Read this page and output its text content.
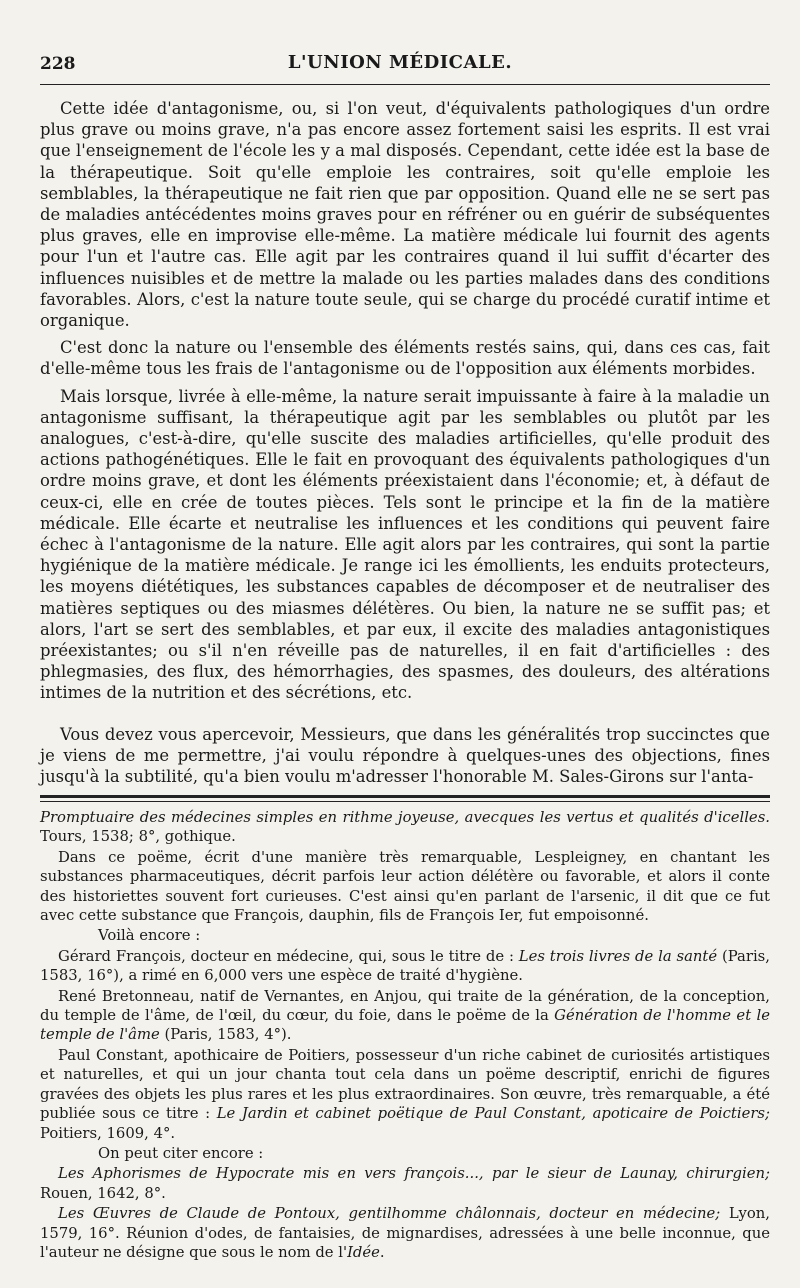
228	L'UNION MÉDICALE.

Cette idée d'antagonisme, ou, si l'on veut, d'équivalents pathologiques d'un ordre plus grave ou moins grave, n'a pas encore assez fortement saisi les esprits. Il est vrai que l'enseignement de l'école les y a mal disposés. Cependant, cette idée est la base de la thérapeutique. Soit qu'elle emploie les contraires, soit qu'elle emploie les semblables, la thérapeutique ne fait rien que par opposition. Quand elle ne se sert pas de maladies antécédentes moins graves pour en réfréner ou en guérir de subséquentes plus graves, elle en improvise elle-même. La matière médicale lui fournit des agents pour l'un et l'autre cas. Elle agit par les contraires quand il lui suffit d'écarter des influences nuisibles et de mettre la malade ou les parties malades dans des conditions favorables. Alors, c'est la nature toute seule, qui se charge du procédé curatif intime et organique.

C'est donc la nature ou l'ensemble des éléments restés sains, qui, dans ces cas, fait d'elle-même tous les frais de l'antagonisme ou de l'opposition aux éléments morbides.

Mais lorsque, livrée à elle-même, la nature serait impuissante à faire à la maladie un antagonisme suffisant, la thérapeutique agit par les semblables ou plutôt par les analogues, c'est-à-dire, qu'elle suscite des maladies artificielles, qu'elle produit des actions pathogénétiques. Elle le fait en provoquant des équivalents pathologiques d'un ordre moins grave, et dont les éléments préexistaient dans l'économie; et, à défaut de ceux-ci, elle en crée de toutes pièces. Tels sont le principe et la fin de la matière médicale. Elle écarte et neutralise les influences et les conditions qui peuvent faire échec à l'antagonisme de la nature. Elle agit alors par les contraires, qui sont la partie hygiénique de la matière médicale. Je range ici les émollients, les enduits protecteurs, les moyens diététiques, les substances capables de décomposer et de neutraliser des matières septiques ou des miasmes délétères. Ou bien, la nature ne se suffit pas; et alors, l'art se sert des semblables, et par eux, il excite des maladies antagonistiques préexistantes; ou s'il n'en réveille pas de naturelles, il en fait d'artificielles : des phlegmasies, des flux, des hémorrhagies, des spasmes, des douleurs, des altérations intimes de la nutrition et des sécrétions, etc.

Vous devez vous apercevoir, Messieurs, que dans les généralités trop succinctes que je viens de me permettre, j'ai voulu répondre à quelques-unes des objections, fines jusqu'à la subtilité, qu'a bien voulu m'adresser l'honorable M. Sales-Girons sur l'anta-

Promptuaire des médecines simples en rithme joyeuse, avecques les vertus et qualités d'icelles. Tours, 1538; 8°, gothique.

Dans ce poëme, écrit d'une manière très remarquable, Lespleigney, en chantant les substances pharmaceutiques, décrit parfois leur action délétère ou favorable, et alors il conte des historiettes souvent fort curieuses. C'est ainsi qu'en parlant de l'arsenic, il dit que ce fut avec cette substance que François, dauphin, fils de François Ier, fut empoisonné.

Voilà encore :

Gérard François, docteur en médecine, qui, sous le titre de : Les trois livres de la santé (Paris, 1583, 16°), a rimé en 6,000 vers une espèce de traité d'hygiène.

René Bretonneau, natif de Vernantes, en Anjou, qui traite de la génération, de la conception, du temple de l'âme, de l'œil, du cœur, du foie, dans le poëme de la Génération de l'homme et le temple de l'âme (Paris, 1583, 4°).

Paul Constant, apothicaire de Poitiers, possesseur d'un riche cabinet de curiosités artistiques et naturelles, et qui un jour chanta tout cela dans un poëme descriptif, enrichi de figures gravées des objets les plus rares et les plus extraordinaires. Son œuvre, très remarquable, a été publiée sous ce titre : Le Jardin et cabinet poëtique de Paul Constant, apoticaire de Poictiers; Poitiers, 1609, 4°.

On peut citer encore :

Les Aphorismes de Hypocrate mis en vers françois..., par le sieur de Launay, chirurgien; Rouen, 1642, 8°.

Les Œuvres de Claude de Pontoux, gentilhomme châlonnais, docteur en médecine; Lyon, 1579, 16°. Réunion d'odes, de fantaisies, de mignardises, adressées à une belle inconnue, que l'auteur ne désigne que sous le nom de l'Idée.
